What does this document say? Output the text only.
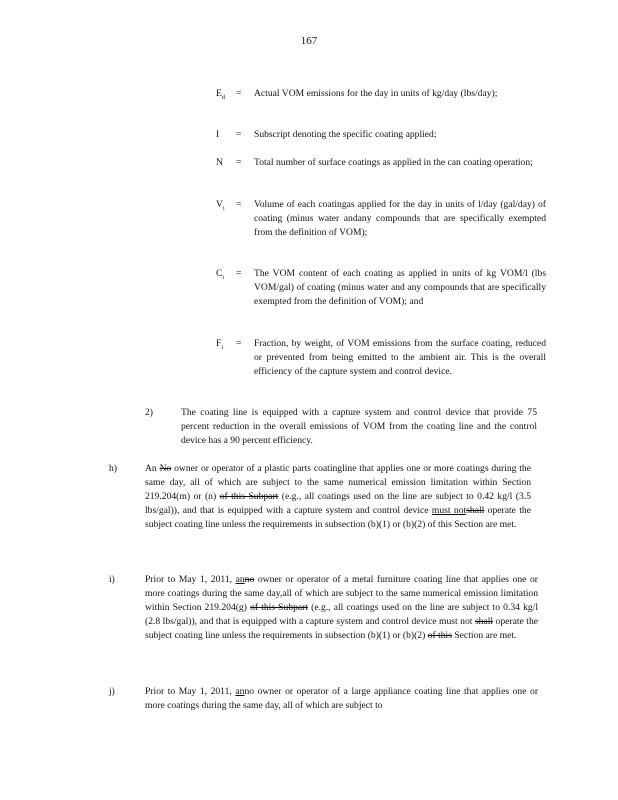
167
$E_d$	=	Actual VOM emissions for the day in units of kg/day (lbs/day);
I	=	Subscript denoting the specific coating applied;
N	=	Total number of surface coatings as applied in the can coating operation;
$V_i$	=	Volume of each coatingas applied for the day in units of l/day (gal/day) of coating (minus water andany compounds that are specifically exempted from the definition of VOM);
$C_i$	=	The VOM content of each coating as applied in units of kg VOM/l (lbs VOM/gal) of coating (minus water and any compounds that are specifically exempted from the definition of VOM); and
$F_i$	=	Fraction, by weight, of VOM emissions from the surface coating, reduced or prevented from being emitted to the ambient air. This is the overall efficiency of the capture system and control device.
2)	The coating line is equipped with a capture system and control device that provide 75 percent reduction in the overall emissions of VOM from the coating line and the control device has a 90 percent efficiency.
h)	An No owner or operator of a plastic parts coatingline that applies one or more coatings during the same day, all of which are subject to the same numerical emission limitation within Section 219.204(m) or (n) of this Subpart (e.g., all coatings used on the line are subject to 0.42 kg/l (3.5 lbs/gal)), and that is equipped with a capture system and control device must notshall operate the subject coating line unless the requirements in subsection (b)(1) or (b)(2) of this Section are met.
i)	Prior to May 1, 2011, anno owner or operator of a metal furniture coating line that applies one or more coatings during the same day,all of which are subject to the same numerical emission limitation within Section 219.204(g) of this Subpart (e.g., all coatings used on the line are subject to 0.34 kg/l (2.8 lbs/gal)), and that is equipped with a capture system and control device must not shall operate the subject coating line unless the requirements in subsection (b)(1) or (b)(2) of this Section are met.
j)	Prior to May 1, 2011, anno owner or operator of a large appliance coating line that applies one or more coatings during the same day, all of which are subject to
